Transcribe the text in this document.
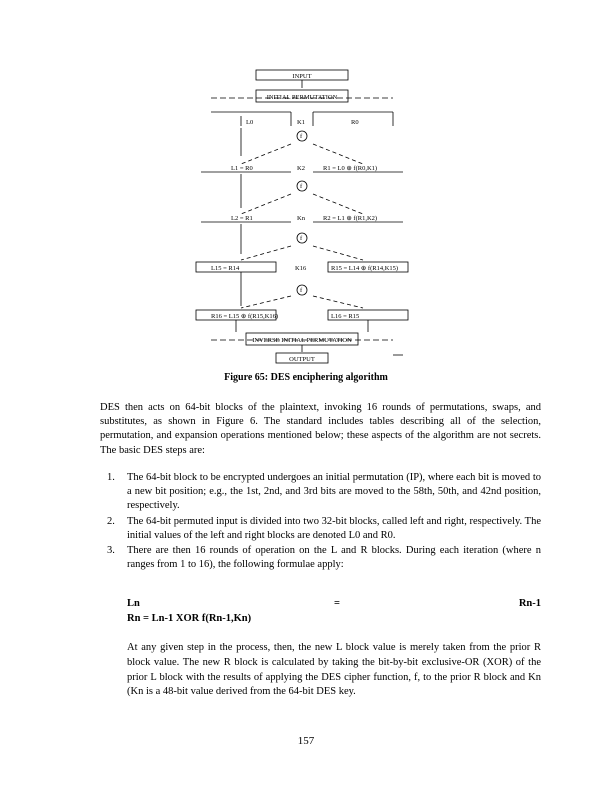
INPUT
INITIAL PERMUTATION
L0	R0
K1
f
L1 = R0	R1 = L0 ⊕ f(R0,K1)
K2
f
L2 = R1	R2 = L1 ⊕ f(R1,K2)
Kn
f
L15 = R14	R15 = L14 ⊕ f(R14,K15)
K16
f
R16 = L15 ⊕ f(R15,K16)	L16 = R15
INVERSE INITIAL PERMUTATION
OUTPUT
Figure 65: DES enciphering algorithm
DES then acts on 64-bit blocks of the plaintext, invoking 16 rounds of permutations, swaps, and substitutes, as shown in Figure 6. The standard includes tables describing all of the selection, permutation, and expansion operations mentioned below; these aspects of the algorithm are not secrets. The basic DES steps are:
1. The 64-bit block to be encrypted undergoes an initial permutation (IP), where each bit is moved to a new bit position; e.g., the 1st, 2nd, and 3rd bits are moved to the 58th, 50th, and 42nd position, respectively.
2. The 64-bit permuted input is divided into two 32-bit blocks, called left and right, respectively. The initial values of the left and right blocks are denoted L0 and R0.
3. There are then 16 rounds of operation on the L and R blocks. During each iteration (where n ranges from 1 to 16), the following formulae apply:
Ln	=	Rn-1
Rn = Ln-1 XOR f(Rn-1,Kn)
At any given step in the process, then, the new L block value is merely taken from the prior R block value. The new R block is calculated by taking the bit-by-bit exclusive-OR (XOR) of the prior L block with the results of applying the DES cipher function, f, to the prior R block and Kn (Kn is a 48-bit value derived from the 64-bit DES key.
157
